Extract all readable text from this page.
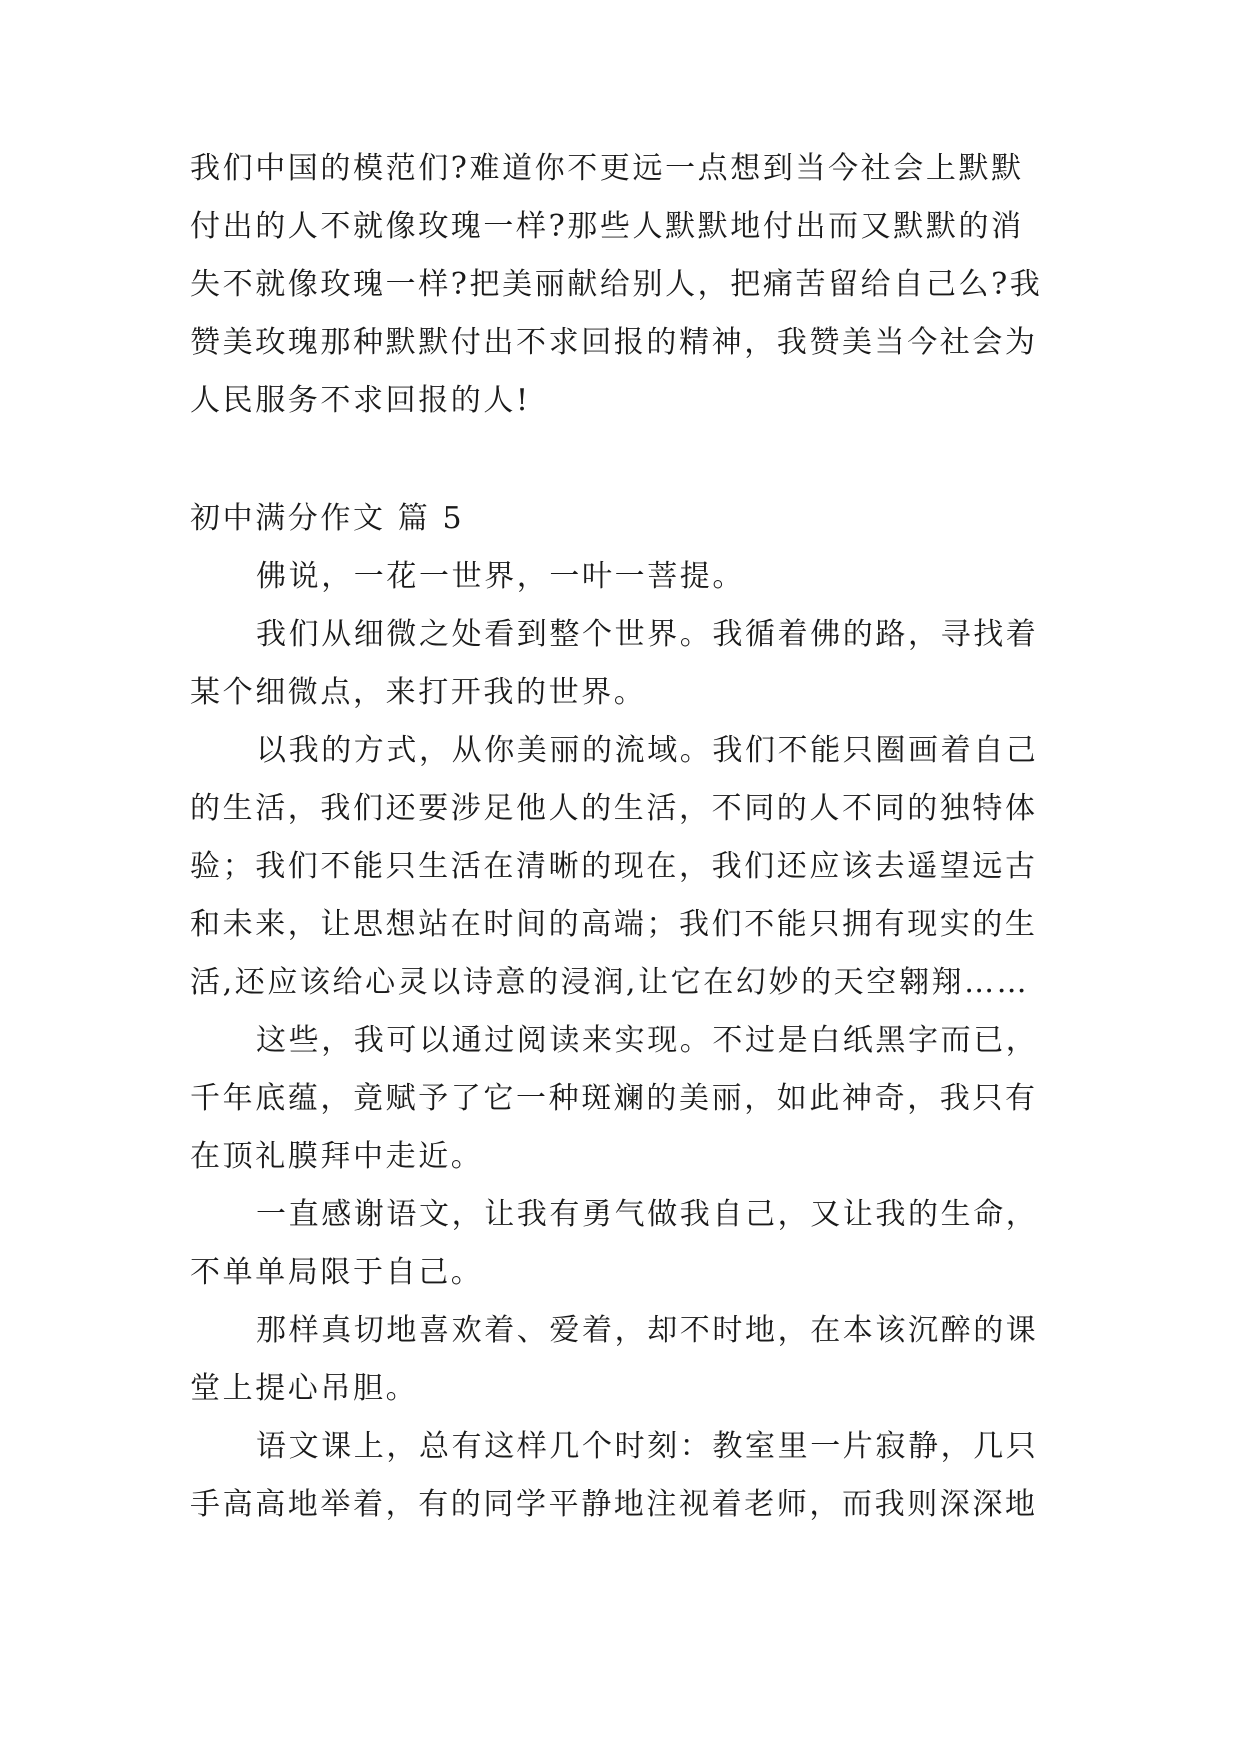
我们中国的模范们?难道你不更远一点想到当今社会上默默
付出的人不就像玫瑰一样?那些人默默地付出而又默默的消
失不就像玫瑰一样?把美丽献给别人，把痛苦留给自己么?我
赞美玫瑰那种默默付出不求回报的精神，我赞美当今社会为
人民服务不求回报的人!
初中满分作文 篇 5
佛说，一花一世界，一叶一菩提。
我们从细微之处看到整个世界。我循着佛的路，寻找着
某个细微点，来打开我的世界。
以我的方式，从你美丽的流域。我们不能只圈画着自己
的生活，我们还要涉足他人的生活，不同的人不同的独特体
验；我们不能只生活在清晰的现在，我们还应该去遥望远古
和未来，让思想站在时间的高端；我们不能只拥有现实的生
活,还应该给心灵以诗意的浸润,让它在幻妙的天空翱翔……
这些，我可以通过阅读来实现。不过是白纸黑字而已，
千年底蕴，竟赋予了它一种斑斓的美丽，如此神奇，我只有
在顶礼膜拜中走近。
一直感谢语文，让我有勇气做我自己，又让我的生命，
不单单局限于自己。
那样真切地喜欢着、爱着，却不时地，在本该沉醉的课
堂上提心吊胆。
语文课上，总有这样几个时刻：教室里一片寂静，几只
手高高地举着，有的同学平静地注视着老师，而我则深深地
